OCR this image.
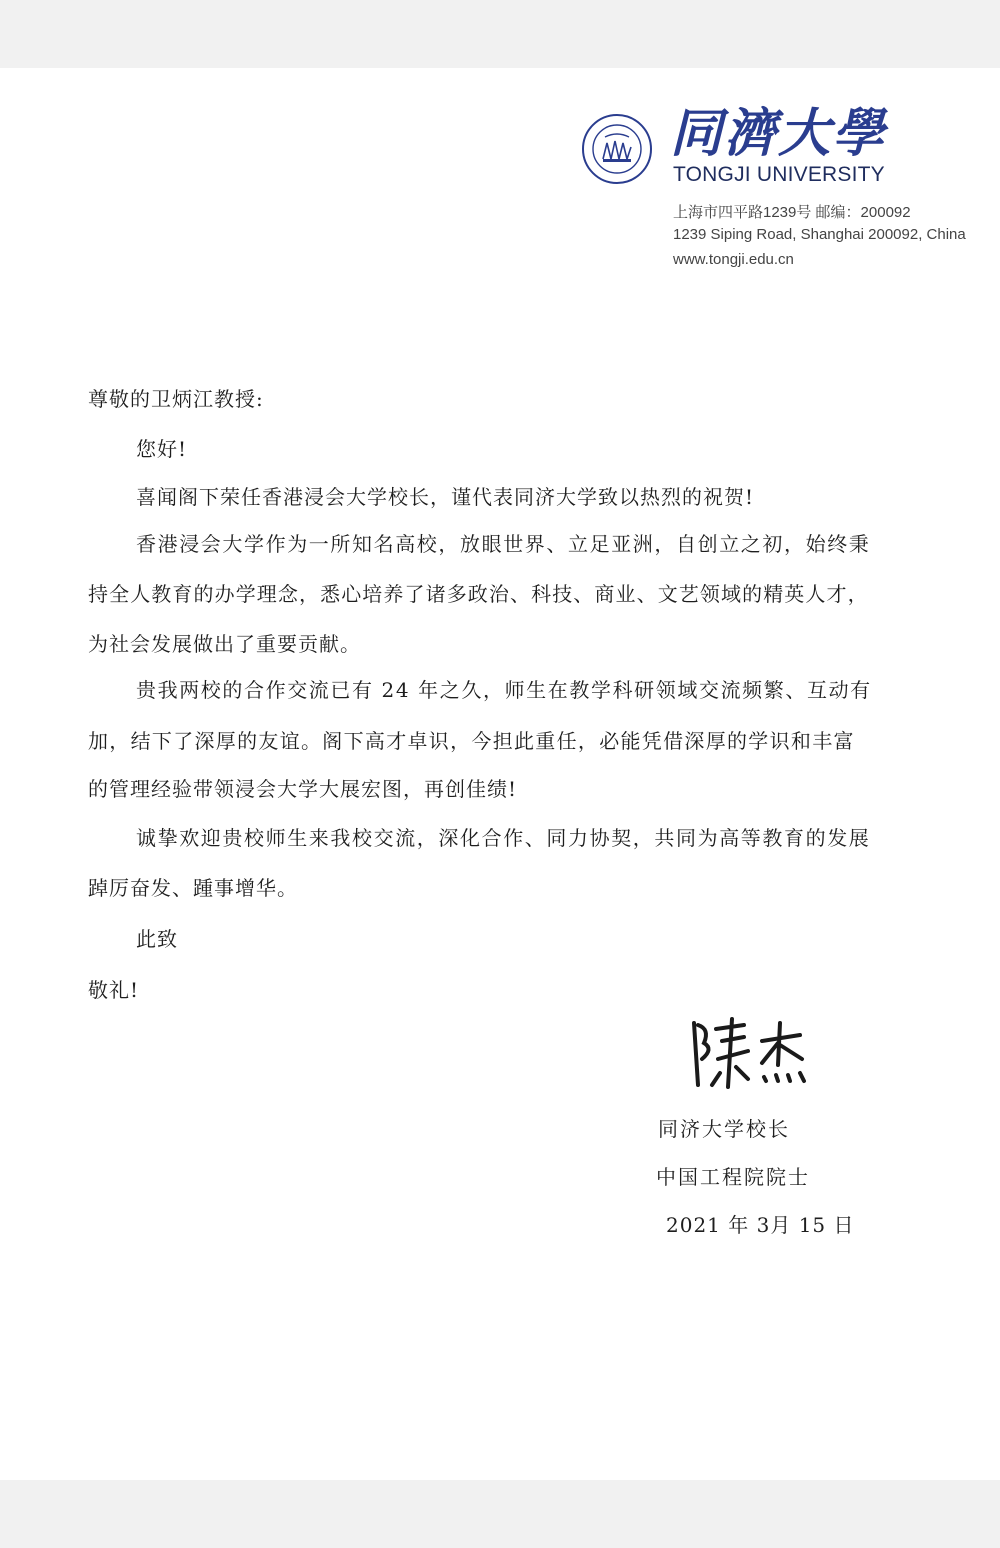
同濟大學
TONGJI UNIVERSITY
上海市四平路1239号 邮编：200092
1239 Siping Road, Shanghai 200092, China
www.tongji.edu.cn
尊敬的卫炳江教授:
您好!
喜闻阁下荣任香港浸会大学校长，谨代表同济大学致以热烈的祝贺!
香港浸会大学作为一所知名高校，放眼世界、立足亚洲，自创立之初，始终秉
持全人教育的办学理念，悉心培养了诸多政治、科技、商业、文艺领域的精英人才，
为社会发展做出了重要贡献。
贵我两校的合作交流已有 24 年之久，师生在教学科研领域交流频繁、互动有
加，结下了深厚的友谊。阁下高才卓识，今担此重任，必能凭借深厚的学识和丰富
的管理经验带领浸会大学大展宏图，再创佳绩!
诚挚欢迎贵校师生来我校交流，深化合作、同力协契，共同为高等教育的发展
踔厉奋发、踵事增华。
此致
敬礼!
同济大学校长
中国工程院院士
2021 年 3月 15 日
